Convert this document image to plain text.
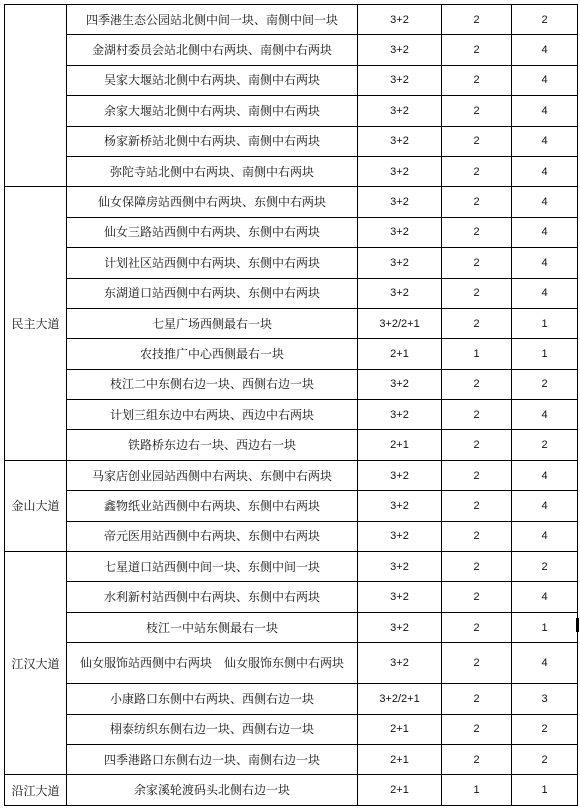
	四季港生态公园站北侧中间一块、南侧中间一块	3+2	2	2
	金湖村委员会站北侧中右两块、南侧中右两块	3+2	2	4
	吴家大堰站北侧中右两块、南侧中右两块	3+2	2	4
	余家大堰站北侧中右两块、南侧中右两块	3+2	2	4
	杨家新桥站北侧中右两块、南侧中右两块	3+2	2	4
	弥陀寺站北侧中右两块、南侧中右两块	3+2	2	4
民主大道	仙女保障房站西侧中右两块、东侧中右两块	3+2	2	4
	仙女三路站西侧中右两块、东侧中右两块	3+2	2	4
	计划社区站西侧中右两块、东侧中右两块	3+2	2	4
	东湖道口站西侧中右两块、东侧中右两块	3+2	2	4
	七星广场西侧最右一块	3+2/2+1	2	1
	农技推广中心西侧最右一块	2+1	1	1
	枝江二中东侧右边一块、西侧右边一块	3+2	2	2
	计划三组东边中右两块、西边中右两块	3+2	2	4
	铁路桥东边右一块、西边右一块	2+1	2	2
金山大道	马家店创业园站西侧中右两块、东侧中右两块	3+2	2	4
	鑫物纸业站西侧中右两块、东侧中右两块	3+2	2	4
	帝元医用站西侧中右两块、东侧中右两块	3+2	2	4
江汉大道	七星道口站西侧中间一块、东侧中间一块	3+2	2	2
	水利新村站西侧中右两块、东侧中右两块	3+2	2	4
	枝江一中站东侧最右一块	3+2	2	1
	仙女服饰站西侧中右两块　仙女服饰东侧中右两块	3+2	2	4
	小康路口东侧中右两块、西侧右边一块	3+2/2+1	2	3
	栩泰纺织东侧右边一块、西侧右边一块	2+1	2	2
	四季港路口东侧右边一块、南侧右边一块	2+1	2	2
沿江大道	余家溪轮渡码头北侧右边一块	2+1	1	1
